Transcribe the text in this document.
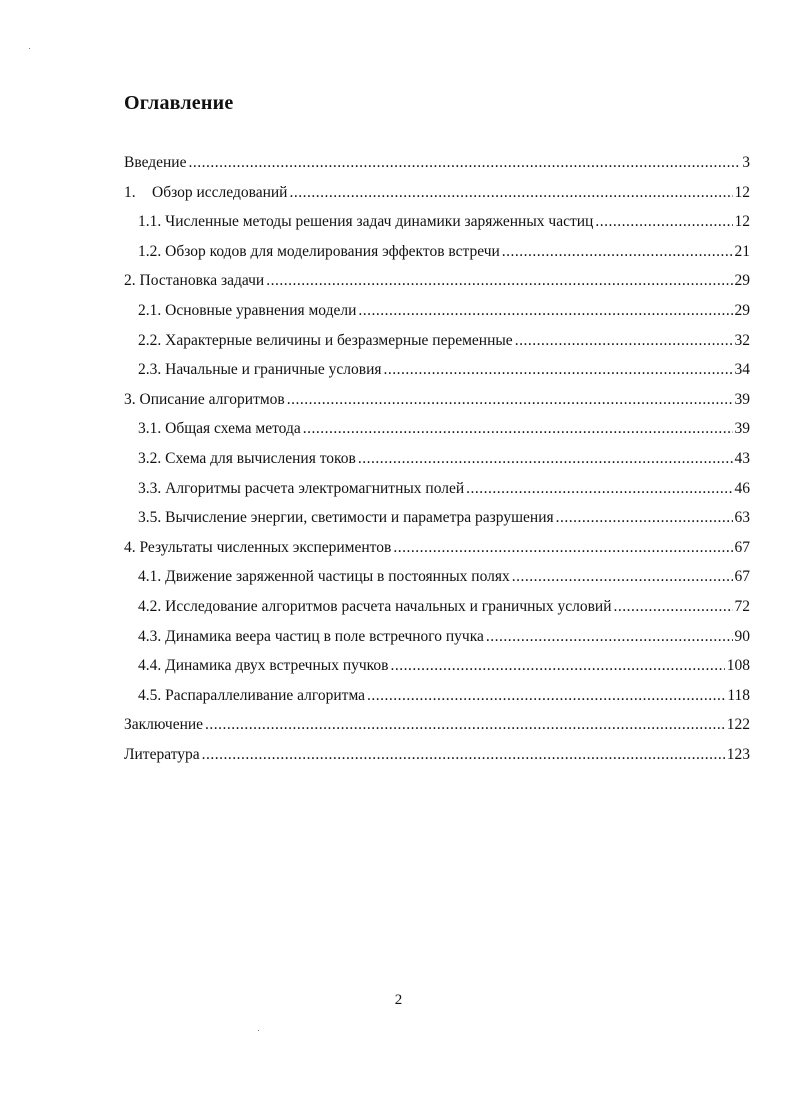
Оглавление
Введение .....	3
1. Обзор исследований .....	12
1.1. Численные методы решения задач динамики заряженных частиц .....	12
1.2. Обзор кодов для моделирования эффектов встречи .....	21
2. Постановка задачи .....	29
2.1. Основные уравнения модели .....	29
2.2. Характерные величины и безразмерные переменные .....	32
2.3. Начальные и граничные условия .....	34
3. Описание алгоритмов .....	39
3.1. Общая схема метода .....	39
3.2. Схема для вычисления токов .....	43
3.3. Алгоритмы расчета электромагнитных полей .....	46
3.5. Вычисление энергии, светимости и параметра разрушения .....	63
4. Результаты численных экспериментов .....	67
4.1. Движение заряженной частицы в постоянных полях .....	67
4.2. Исследование алгоритмов расчета начальных и граничных условий .....	72
4.3. Динамика веера частиц в поле встречного пучка .....	90
4.4. Динамика двух встречных пучков .....	108
4.5. Распараллеливание алгоритма .....	118
Заключение .....	122
Литература .....	123
2
